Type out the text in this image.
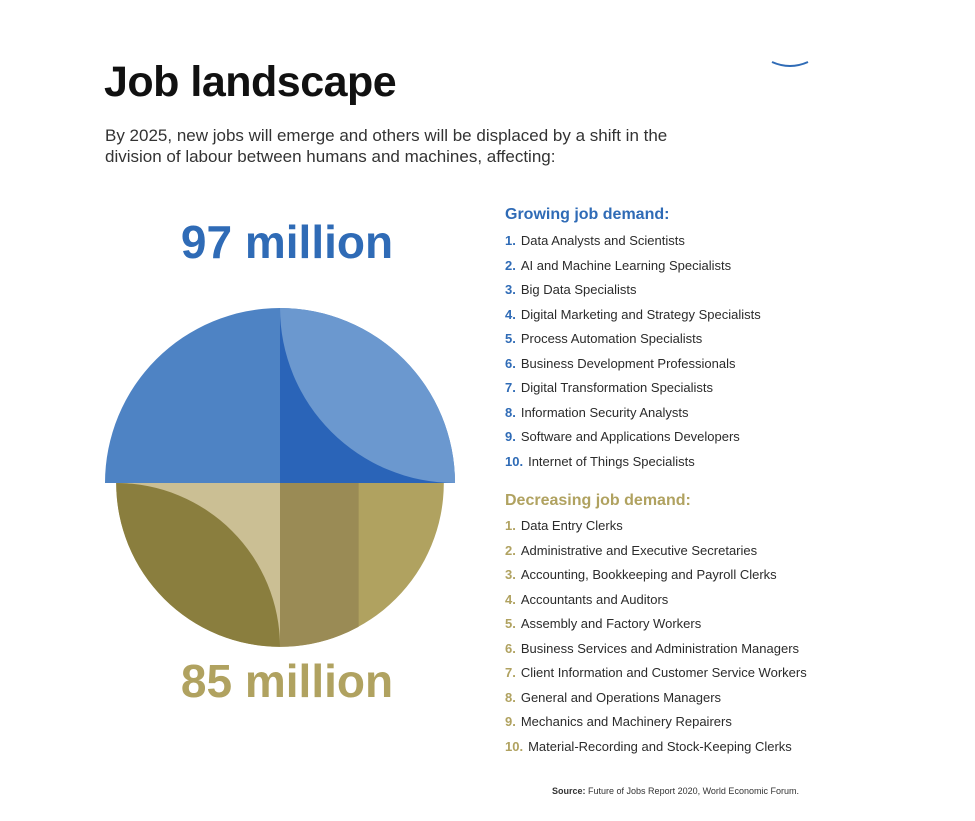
Job landscape

By 2025, new jobs will emerge and others will be displaced by a shift in the division of labour between humans and machines, affecting:

97 million
85 million
Growing job demand:
1. Data Analysts and Scientists
2. AI and Machine Learning Specialists
3. Big Data Specialists
4. Digital Marketing and Strategy Specialists
5. Process Automation Specialists
6. Business Development Professionals
7. Digital Transformation Specialists
8. Information Security Analysts
9. Software and Applications Developers
10. Internet of Things Specialists
Decreasing job demand:
1. Data Entry Clerks
2. Administrative and Executive Secretaries
3. Accounting, Bookkeeping and Payroll Clerks
4. Accountants and Auditors
5. Assembly and Factory Workers
6. Business Services and Administration Managers
7. Client Information and Customer Service Workers
8. General and Operations Managers
9. Mechanics and Machinery Repairers
10. Material-Recording and Stock-Keeping Clerks

Source: Future of Jobs Report 2020, World Economic Forum.
